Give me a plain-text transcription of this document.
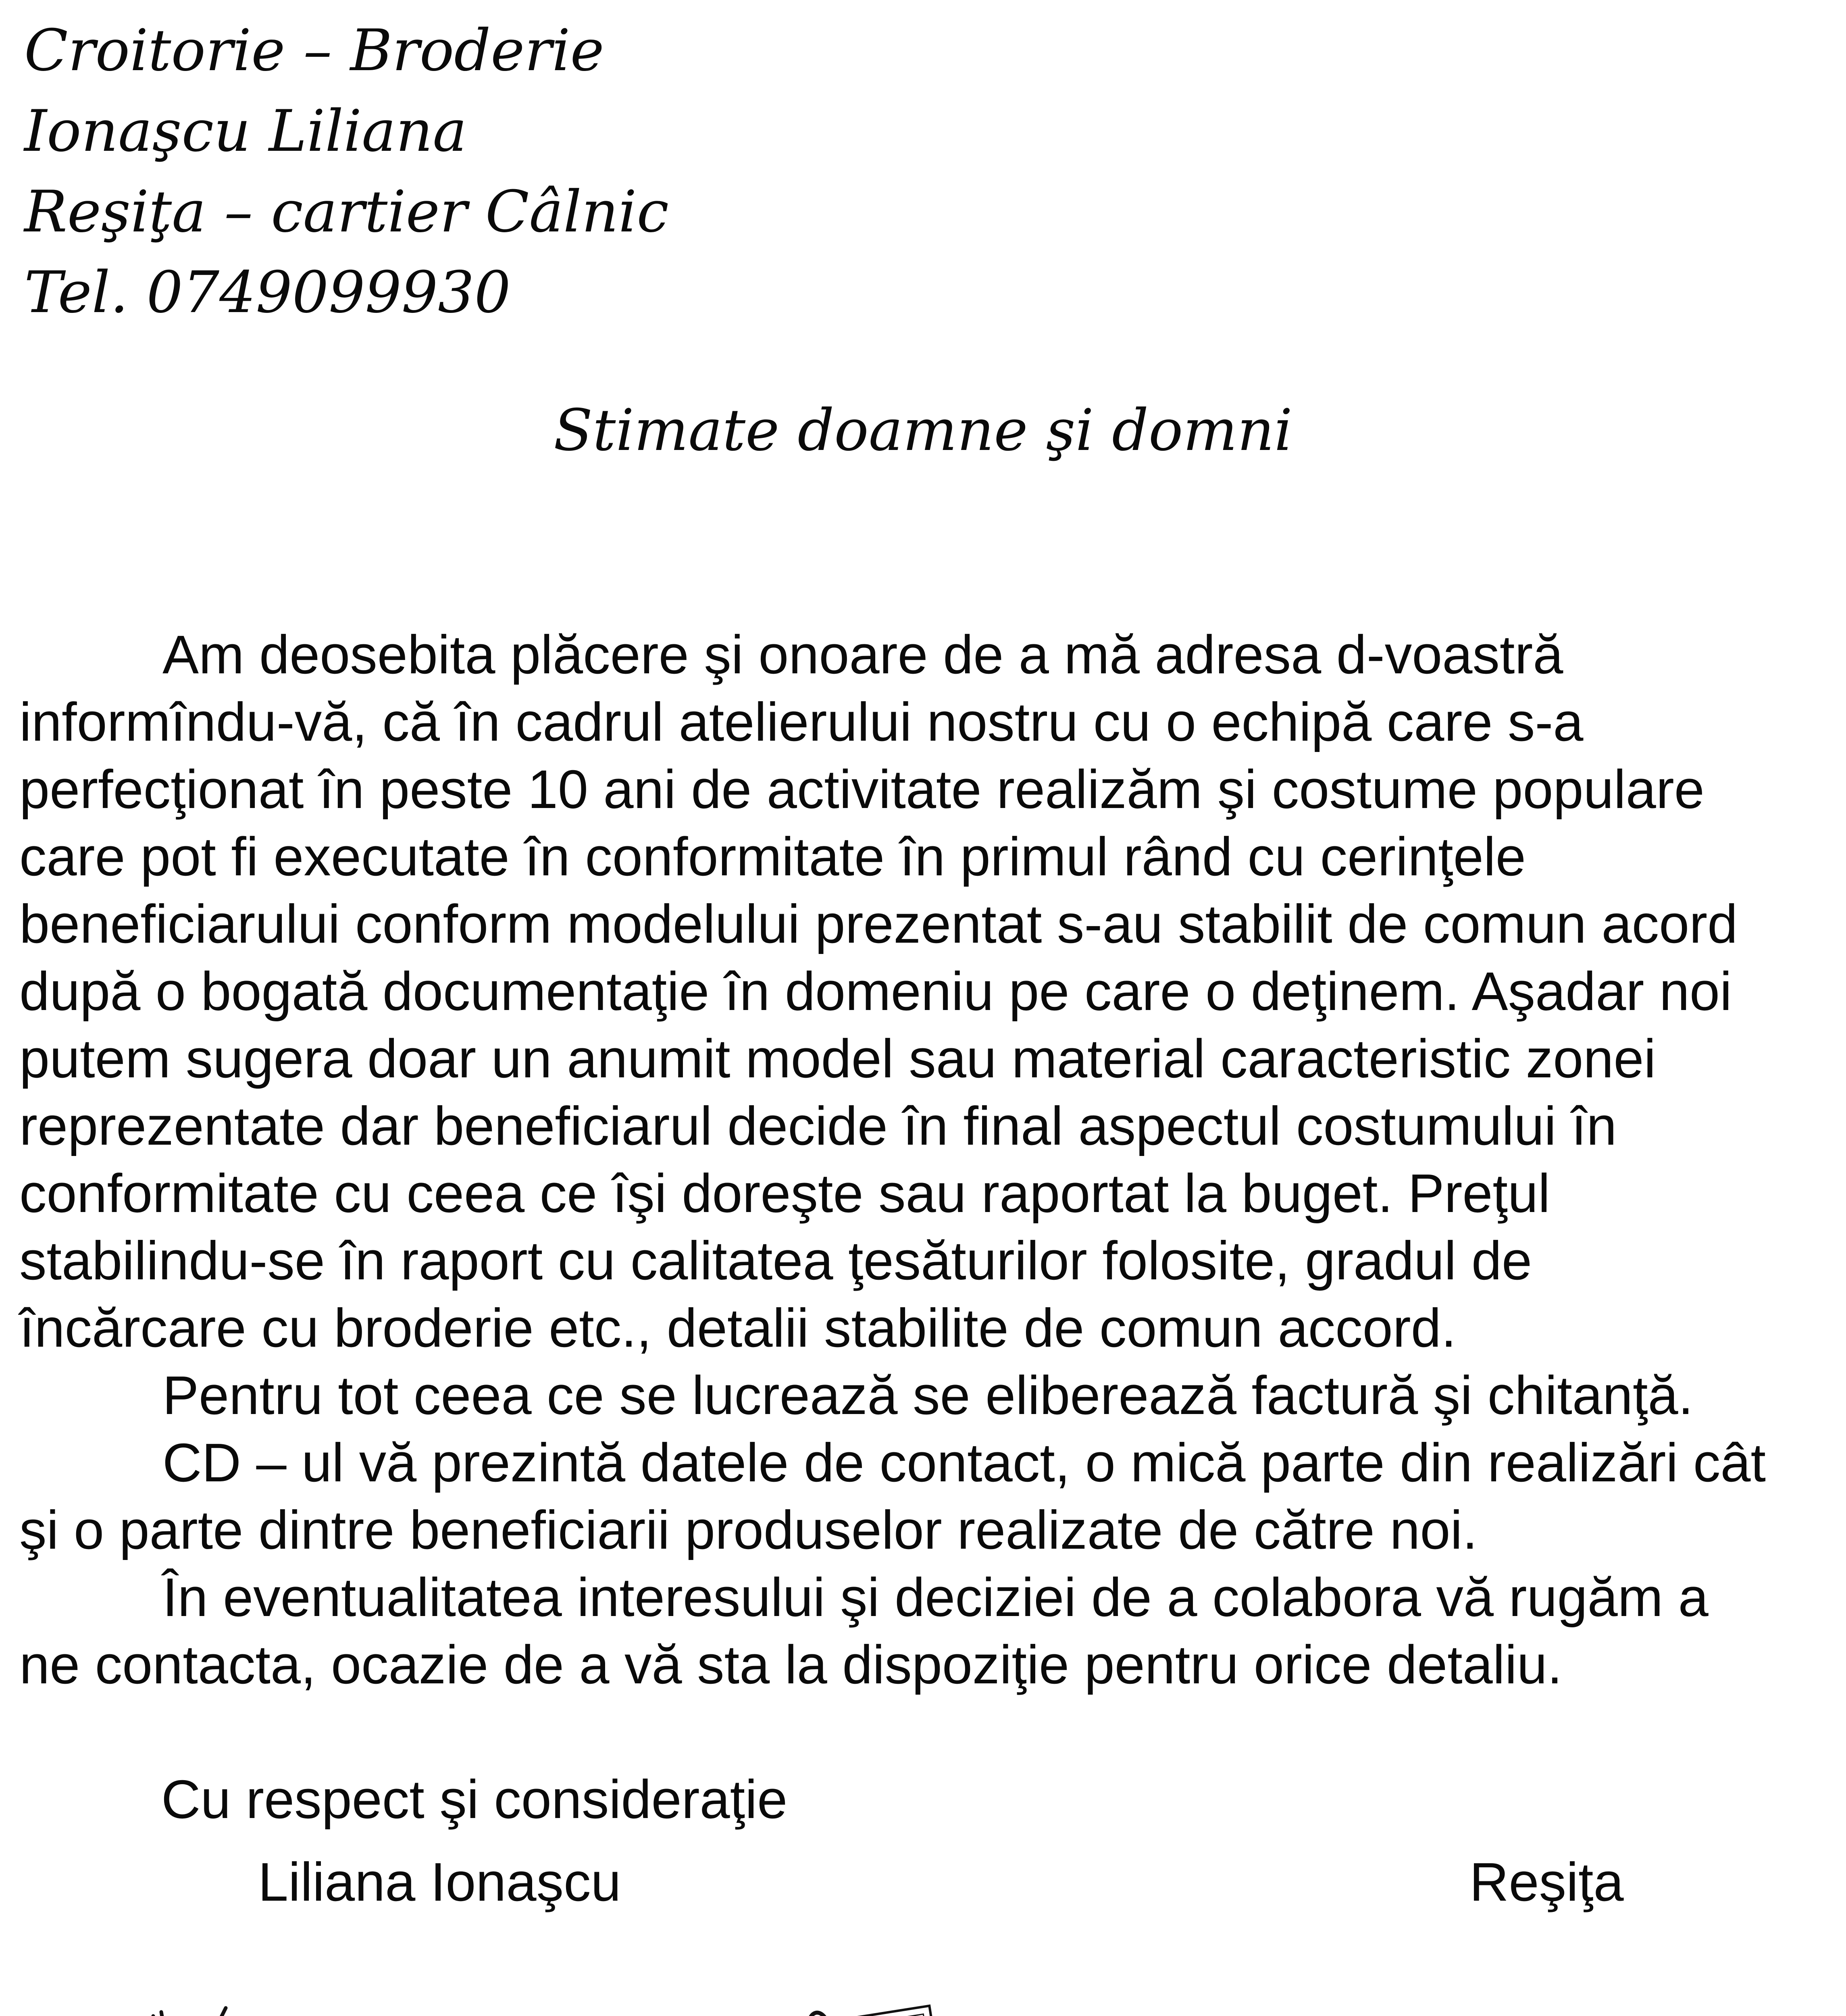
Croitorie – Broderie
Ionaşcu Liliana
Reşiţa – cartier Câlnic
Tel. 0749099930
Stimate doamne şi domni
Am deosebita plăcere şi onoare de a mă adresa d-voastră
informîndu-vă, că în cadrul atelierului nostru cu o echipă care s-a
perfecţionat în peste 10 ani de activitate realizăm şi costume populare
care pot fi executate în conformitate în primul rând cu cerinţele
beneficiarului conform modelului prezentat s-au stabilit de comun acord
după o bogată documentaţie în domeniu pe care o deţinem. Aşadar noi
putem sugera doar un anumit model sau material caracteristic zonei
reprezentate dar beneficiarul decide în final aspectul costumului în
conformitate cu ceea ce îşi doreşte sau raportat la buget. Preţul
stabilindu-se în raport cu calitatea ţesăturilor folosite, gradul de
încărcare cu broderie etc., detalii stabilite de comun accord.
Pentru tot ceea ce se lucrează se eliberează factură şi chitanţă.
CD – ul vă prezintă datele de contact, o mică parte din realizări cât
şi o parte dintre beneficiarii produselor realizate de către noi.
În eventualitatea interesului şi deciziei de a colabora vă rugăm a
ne contacta, ocazie de a vă sta la dispoziţie pentru orice detaliu.
Cu respect şi consideraţie
Liliana Ionaşcu	Reşiţa
